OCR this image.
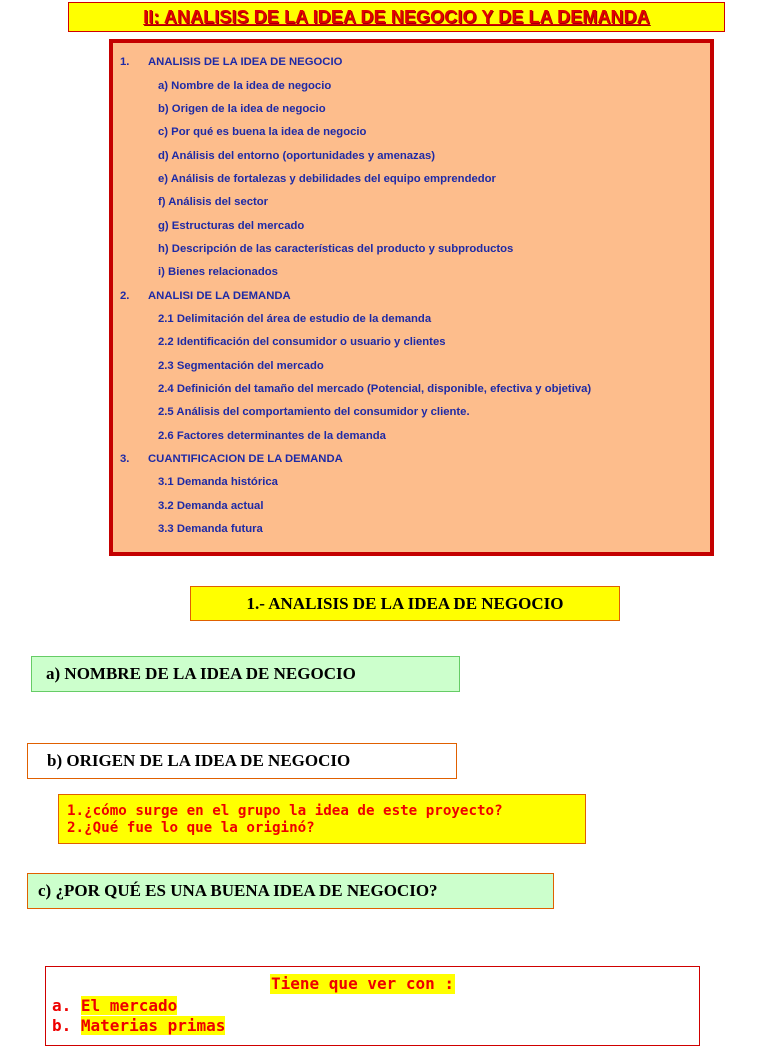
II: ANALISIS DE LA IDEA DE NEGOCIO Y DE LA DEMANDA
1. ANALISIS DE LA IDEA DE NEGOCIO
a) Nombre de la idea de negocio
b) Origen de la idea de negocio
c) Por qué es buena la idea de negocio
d) Análisis del entorno (oportunidades y amenazas)
e) Análisis de fortalezas y debilidades del equipo emprendedor
f) Análisis del sector
g) Estructuras del mercado
h) Descripción de las características del producto y subproductos
i) Bienes relacionados
2. ANALISI DE LA DEMANDA
2.1 Delimitación del área de estudio de la demanda
2.2 Identificación del consumidor o usuario y clientes
2.3 Segmentación del mercado
2.4 Definición del tamaño del mercado (Potencial, disponible, efectiva y objetiva)
2.5 Análisis del comportamiento del consumidor y cliente.
2.6 Factores determinantes de la demanda
3. CUANTIFICACION DE LA DEMANDA
3.1 Demanda histórica
3.2 Demanda actual
3.3 Demanda futura
1.- ANALISIS DE LA IDEA DE NEGOCIO
a) NOMBRE DE LA IDEA DE NEGOCIO
b) ORIGEN DE LA IDEA DE NEGOCIO
1.¿cómo surge en el grupo la idea de este proyecto?
2.¿Qué fue lo que la originó?
c) ¿POR QUÉ ES UNA BUENA IDEA DE NEGOCIO?
Tiene que ver con :
a. El mercado
b. Materias primas
